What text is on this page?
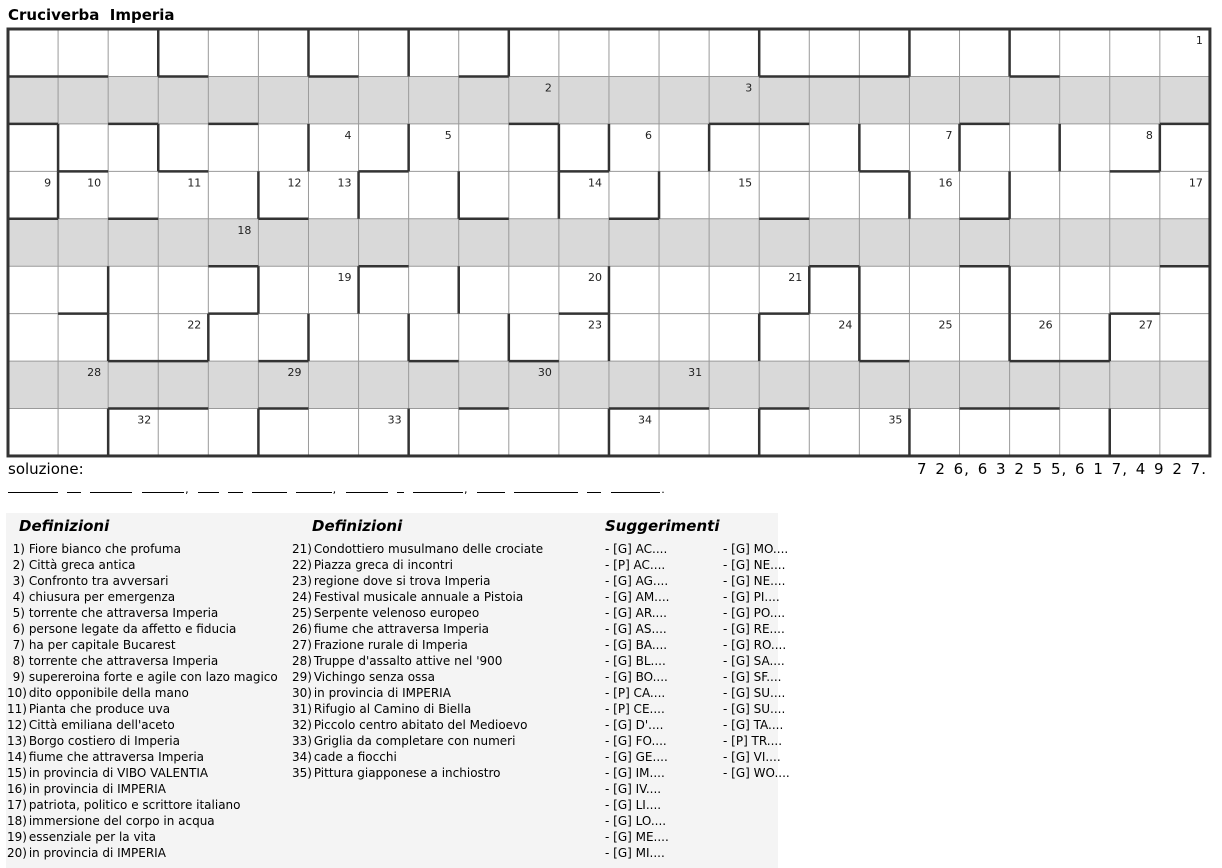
Cruciverba  Imperia
1
2	3
4	5	6	7	8
9	10	11	12	13	14	15	16	17
18
19	20	21
22	23	24	25	26	27
28	29	30	31
32	33	34	35
soluzione:	7 2 6, 6 3 2 5 5, 6 1 7, 4 9 2 7.
,	,	,	.
Definizioni	Definizioni	Suggerimenti
1) Fiore bianco che profuma
2) Città greca antica
3) Confronto tra avversari
4) chiusura per emergenza
5) torrente che attraversa Imperia
6) persone legate da affetto e fiducia
7) ha per capitale Bucarest
8) torrente che attraversa Imperia
9) supereroina forte e agile con lazo magico
10) dito opponibile della mano
11) Pianta che produce uva
12) Città emiliana dell'aceto
13) Borgo costiero di Imperia
14) fiume che attraversa Imperia
15) in provincia di VIBO VALENTIA
16) in provincia di IMPERIA
17) patriota, politico e scrittore italiano
18) immersione del corpo in acqua
19) essenziale per la vita
20) in provincia di IMPERIA
21) Condottiero musulmano delle crociate
22) Piazza greca di incontri
23) regione dove si trova Imperia
24) Festival musicale annuale a Pistoia
25) Serpente velenoso europeo
26) fiume che attraversa Imperia
27) Frazione rurale di Imperia
28) Truppe d'assalto attive nel '900
29) Vichingo senza ossa
30) in provincia di IMPERIA
31) Rifugio al Camino di Biella
32) Piccolo centro abitato del Medioevo
33) Griglia da completare con numeri
34) cade a fiocchi
35) Pittura giapponese a inchiostro
- [G] AC....
- [P] AC....
- [G] AG....
- [G] AM....
- [G] AR....
- [G] AS....
- [G] BA....
- [G] BL....
- [G] BO....
- [P] CA....
- [P] CE....
- [G] D'....
- [G] FO....
- [G] GE....
- [G] IM....
- [G] IV....
- [G] LI....
- [G] LO....
- [G] ME....
- [G] MI....
- [G] MO....
- [G] NE....
- [G] NE....
- [G] PI....
- [G] PO....
- [G] RE....
- [G] RO....
- [G] SA....
- [G] SF....
- [G] SU....
- [G] SU....
- [G] TA....
- [P] TR....
- [G] VI....
- [G] WO....
